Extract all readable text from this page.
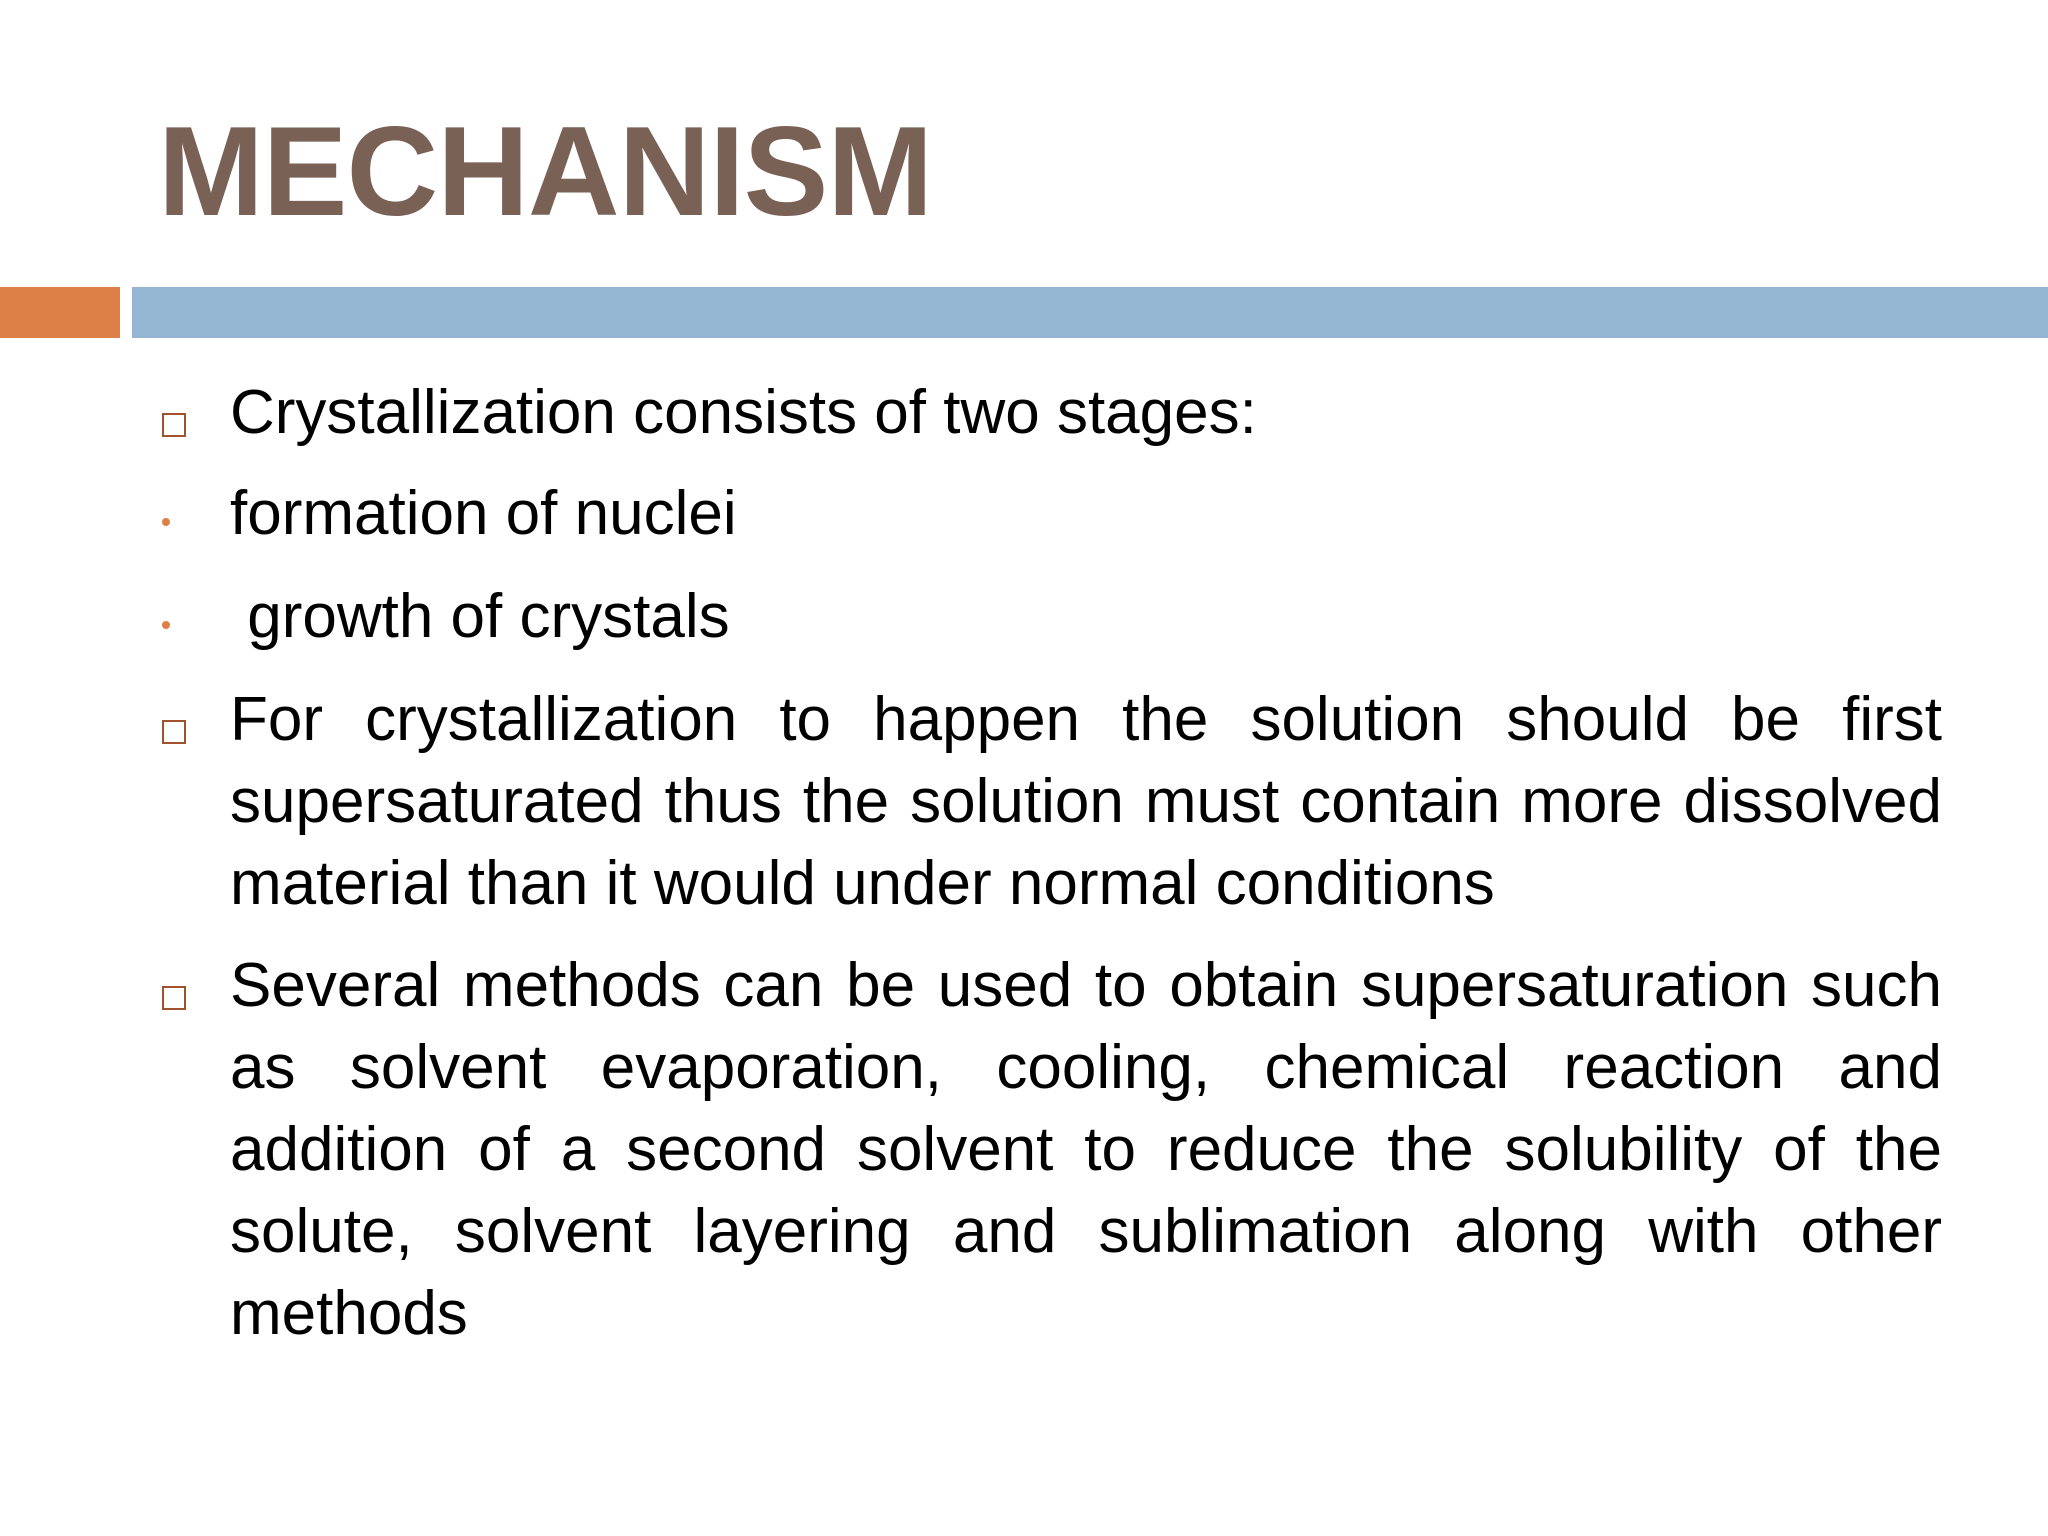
MECHANISM

Crystallization consists of two stages:

formation of nuclei

growth of crystals

For crystallization to happen the solution should be first supersaturated thus the solution must contain more dissolved material than it would under normal conditions

Several methods can be used to obtain supersaturation such as solvent evaporation, cooling, chemical reaction and addition of a second solvent to reduce the solubility of the solute, solvent layering and sublimation along with other methods
